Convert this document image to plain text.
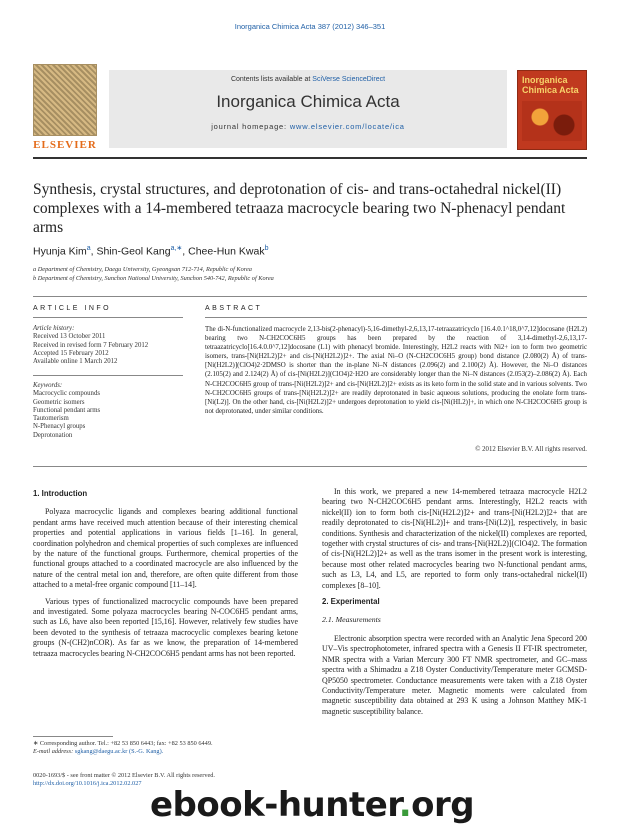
Inorganica Chimica Acta 387 (2012) 346–351
ELSEVIER
Contents lists available at SciVerse ScienceDirect
Inorganica Chimica Acta
journal homepage: www.elsevier.com/locate/ica
Inorganica Chimica Acta
Synthesis, crystal structures, and deprotonation of cis- and trans-octahedral nickel(II) complexes with a 14-membered tetraaza macrocycle bearing two N-phenacyl pendant arms
Hyunja Kim$^a$, Shin-Geol Kang$^{a,∗}$, Chee-Hun Kwak$^b$
a Department of Chemistry, Daegu University, Gyeongsan 712-714, Republic of Korea
b Department of Chemistry, Sunchon National University, Sunchon 540-742, Republic of Korea
ARTICLE INFO	ABSTRACT
Article history:
Received 13 October 2011
Received in revised form 7 February 2012
Accepted 15 February 2012
Available online 1 March 2012
Keywords:
Macrocyclic compounds
Geometric isomers
Functional pendant arms
Tautomerism
N-Phenacyl groups
Deprotonation
The di-N-functionalized macrocycle 2,13-bis(2-phenacyl)-5,16-dimethyl-2,6,13,17-tetraazatricyclo [16.4.0.1^18,0^7,12]docosane (H2L2) bearing two N-CH2COC6H5 groups has been prepared by the reaction of 3,14-dimethyl-2,6,13,17-tetraazatricyclo[16.4.0.0^7,12]docosane (L1) with phenacyl bromide. Interestingly, H2L2 reacts with Ni2+ ion to form two geometric isomers, trans-[Ni(H2L2)]2+ and cis-[Ni(H2L2)]2+. The axial Ni–O (N-CH2COC6H5 group) bond distance (2.080(2) Å) of trans-[Ni(H2L2)](ClO4)2·2DMSO is shorter than the in-plane Ni–N distances (2.096(2) and 2.100(2) Å). However, the Ni–O distances (2.105(2) and 2.124(2) Å) of cis-[Ni(H2L2)](ClO4)2·H2O are considerably longer than the Ni–N distances (2.053(2)–2.086(2) Å). Each N-CH2COC6H5 group of trans-[Ni(H2L2)]2+ and cis-[Ni(H2L2)]2+ exists as its keto form in the solid state and in various solvents. Two N-CH2COC6H5 groups of trans-[Ni(H2L2)]2+ are readily deprotonated in basic aqueous solutions, producing the enolate form trans-[Ni(L2)]. On the other hand, cis-[Ni(H2L2)]2+ undergoes deprotonation to yield cis-[Ni(HL2)]+, in which one N-CH2COC6H5 group is not deprotonated, under similar conditions.
© 2012 Elsevier B.V. All rights reserved.
1. Introduction

Polyaza macrocyclic ligands and complexes bearing additional functional pendant arms have received much attention because of their interesting chemical properties and potential applications in various fields [1–16]. In general, coordination polyhedron and chemical properties of such complexes are influenced by the nature of the functional groups. Furthermore, chemical properties of the functional groups attached to a coordinated macrocycle are also influenced by the nature of the central metal ion and, therefore, are often quite different from those attached to a metal-free organic compound [11–14].

Various types of functionalized macrocyclic compounds have been prepared and investigated. Some polyaza macrocycles bearing N-COC6H5 pendant arms, such as L6, have also been reported [15,16]. However, relatively few studies have been devoted to the synthesis of tetraaza macrocyclic complexes bearing ketone groups (N-(CH2)nCOR). As far as we know, the preparation of 14-membered tetraaza macrocycles bearing N-CH2COC6H5 pendant arms has not been reported.

In this work, we prepared a new 14-membered tetraaza macrocycle H2L2 bearing two N-CH2COC6H5 pendant arms. Interestingly, H2L2 reacts with nickel(II) ion to form both cis-[Ni(H2L2)]2+ and trans-[Ni(H2L2)]2+ that are readily deprotonated to cis-[Ni(HL2)]+ and trans-[Ni(L2)], respectively, in basic conditions. Synthesis and characterization of the nickel(II) complexes are reported, together with crystal structures of cis- and trans-[Ni(H2L2)](ClO4)2. The formation of cis-[Ni(H2L2)]2+ as well as the trans isomer in the present work is interesting, because most other related macrocycles bearing two N-functional pendant arms, such as L3, L4, and L5, are reported to form only trans-octahedral nickel(II) complexes [8–10].

2. Experimental
2.1. Measurements

Electronic absorption spectra were recorded with an Analytic Jena Specord 200 UV–Vis spectrophotometer, infrared spectra with a Genesis II FT-IR spectrometer, NMR spectra with a Varian Mercury 300 FT NMR spectrometer, and GC–mass spectra with a Shimadzu a Z18 Oyster Conductivity/Temperature meter GCMSD-QP5050 spectrometer. Conductance measurements were taken with a Z18 Oyster Conductivity/Temperature meter. Magnetic moments were calculated from magnetic susceptibility data obtained at 293 K using a Johnson Matthey MK-1 magnetic susceptibility balance.

∗ Corresponding author. Tel.: +82 53 850 6443; fax: +82 53 850 6449.
E-mail address: sgkang@daegu.ac.kr (S.-G. Kang).
0020-1693/$ - see front matter © 2012 Elsevier B.V. All rights reserved.
http://dx.doi.org/10.1016/j.ica.2012.02.027
ebook-hunter.org
